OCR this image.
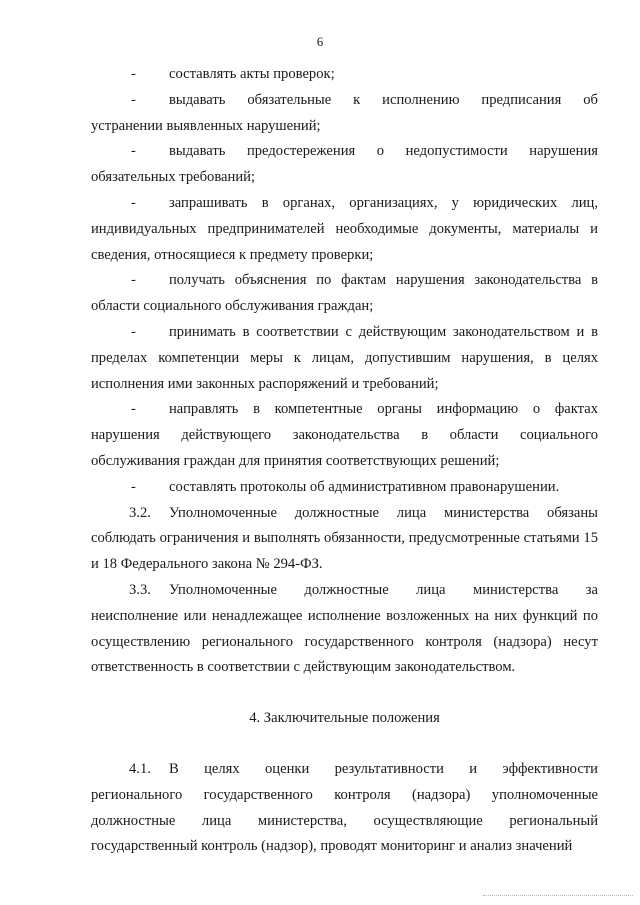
6
-	составлять акты проверок;
-	выдавать обязательные к исполнению предписания об

устранении выявленных нарушений;

-	выдавать предостережения о недопустимости нарушения

обязательных требований;

-	запрашивать в органах, организациях, у юридических лиц,

индивидуальных предпринимателей необходимые документы, материалы и сведения, относящиеся к предмету проверки;

-	получать объяснения по фактам нарушения законодательства в

области социального обслуживания граждан;

-	принимать в соответствии с действующим законодательством и в

пределах компетенции меры к лицам, допустившим нарушения, в целях исполнения ими законных распоряжений и требований;

-	направлять в компетентные органы информацию о фактах

нарушения действующего законодательства в области социального обслуживания граждан для принятия соответствующих решений;

-	составлять протоколы об административном правонарушении.
3.2.	Уполномоченные должностные лица министерства обязаны

соблюдать ограничения и выполнять обязанности, предусмотренные статьями 15 и 18 Федерального закона № 294-ФЗ.

3.3.	Уполномоченные должностные лица министерства за

неисполнение или ненадлежащее исполнение возложенных на них функций по осуществлению регионального государственного контроля (надзора) несут ответственность в соответствии с действующим законодательством.

4. Заключительные положения

4.1.	В целях оценки результативности и эффективности

регионального государственного контроля (надзора) уполномоченные должностные лица министерства, осуществляющие региональный государственный контроль (надзор), проводят мониторинг и анализ значений
